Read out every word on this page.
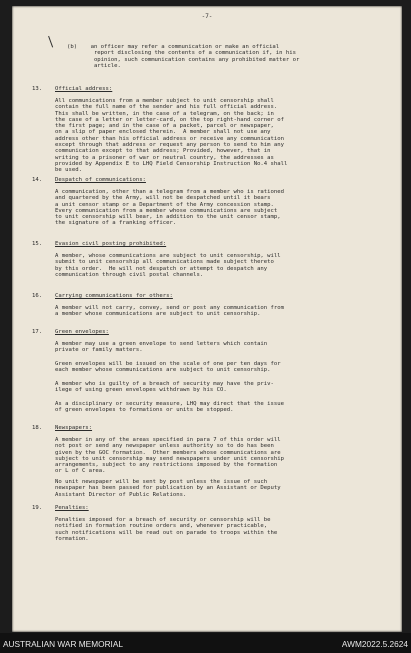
-7-
(b)    an officer may refer a communication or make an official
report disclosing the contents of a communication if, in his
opinion, such communication contains any prohibited matter or
article.
13. Official address:
All communications from a member subject to unit censorship shall
contain the full name of the sender and his full official address.
This shall be written, in the case of a telegram, on the back; in
the case of a letter or letter-card, on the top right-hand corner of
the first page; and in the case of a packet, parcel or newspaper,
on a slip of paper enclosed therein.  A member shall not use any
address other than his official address or receive any communication
except through that address or request any person to send to him any
communication except to that address; Provided, however, that in
writing to a prisoner of war or neutral country, the addresses as
provided by Appendix E to LHQ Field Censorship Instruction No.4 shall
be used.
14. Despatch of communications:
A communication, other than a telegram from a member who is rationed
and quartered by the Army, will not be despatched until it bears
a unit censor stamp or a Department of the Army concession stamp.
Every communication from a member whose communications are subject
to unit censorship will bear, in addition to the unit censor stamp,
the signature of a franking officer.
15. Evasion civil posting prohibited:
A member, whose communications are subject to unit censorship, will
submit to unit censorship all communications made subject thereto
by this order.  He will not despatch or attempt to despatch any
communication through civil postal channels.
16. Carrying communications for others:
A member will not carry, convey, send or post any communication from
a member whose communications are subject to unit censorship.
17. Green envelopes:
A member may use a green envelope to send letters which contain
private or family matters.
Green envelopes will be issued on the scale of one per ten days for
each member whose communications are subject to unit censorship.
A member who is guilty of a breach of security may have the priv-
ilege of using green envelopes withdrawn by his CO.
As a disciplinary or security measure, LHQ may direct that the issue
of green envelopes to formations or units be stopped.
18. Newspapers:
A member in any of the areas specified in para 7 of this order will
not post or send any newspaper unless authority so to do has been
given by the GOC formation.  Other members whose communications are
subject to unit censorship may send newspapers under unit censorship
arrangements, subject to any restrictions imposed by the formation
or L of C area.
No unit newspaper will be sent by post unless the issue of such
newspaper has been passed for publication by an Assistant or Deputy
Assistant Director of Public Relations.
19. Penalties:
Penalties imposed for a breach of security or censorship will be
notified in formation routine orders and, whenever practicable,
such notifications will be read out on parade to troops within the
formation.
AUSTRALIAN WAR MEMORIAL	AWM2022.5.2624
